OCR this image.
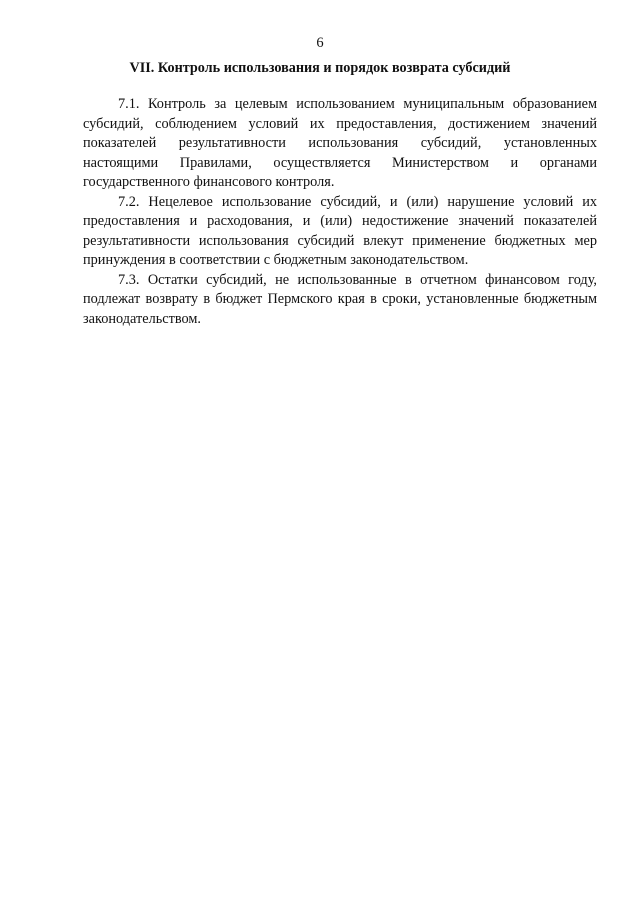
6
VII. Контроль использования и порядок возврата субсидий

7.1. Контроль за целевым использованием муниципальным образованием субсидий, соблюдением условий их предоставления, достижением значений показателей результативности использования субсидий, установленных настоящими Правилами, осуществляется Министерством и органами государственного финансового контроля.

7.2. Нецелевое использование субсидий, и (или) нарушение условий их предоставления и расходования, и (или) недостижение значений показателей результативности использования субсидий влекут применение бюджетных мер принуждения в соответствии с бюджетным законодательством.

7.3. Остатки субсидий, не использованные в отчетном финансовом году, подлежат возврату в бюджет Пермского края в сроки, установленные бюджетным законодательством.
